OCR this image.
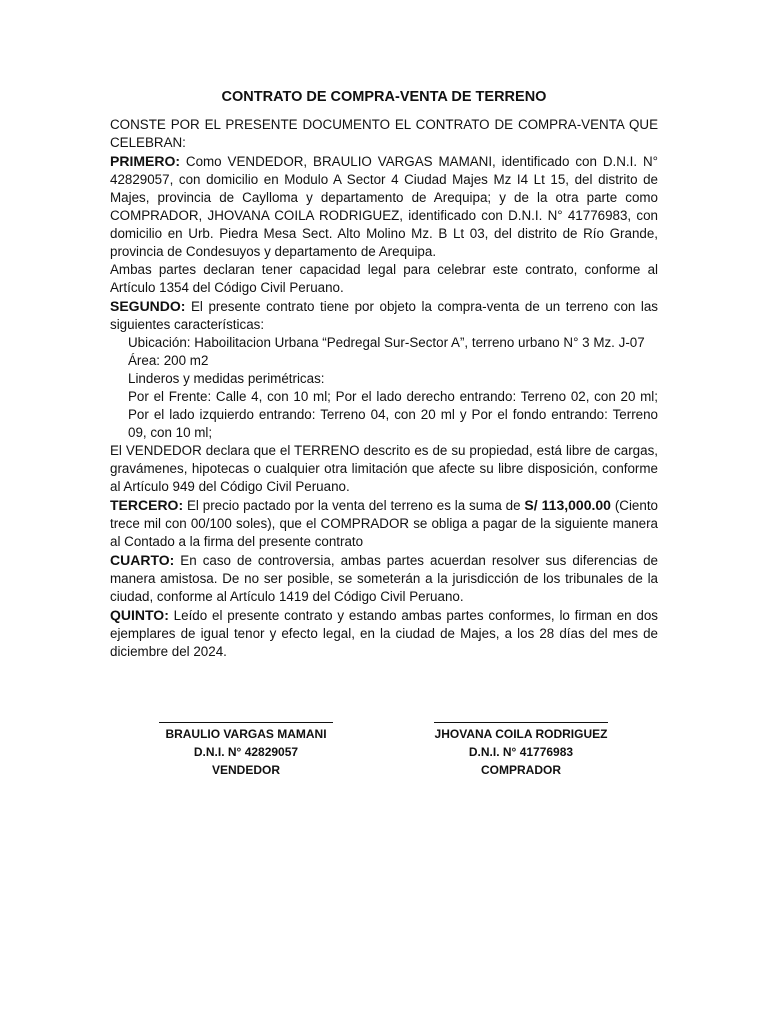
CONTRATO DE COMPRA-VENTA DE TERRENO

CONSTE POR EL PRESENTE DOCUMENTO EL CONTRATO DE COMPRA-VENTA QUE CELEBRAN:

PRIMERO: Como VENDEDOR, BRAULIO VARGAS MAMANI, identificado con D.N.I. N° 42829057, con domicilio en Modulo A Sector 4 Ciudad Majes Mz I4 Lt 15, del distrito de Majes, provincia de Caylloma y departamento de Arequipa; y de la otra parte como COMPRADOR, JHOVANA COILA RODRIGUEZ, identificado con D.N.I. N° 41776983, con domicilio en Urb. Piedra Mesa Sect. Alto Molino Mz. B Lt 03, del distrito de Río Grande, provincia de Condesuyos y departamento de Arequipa.

Ambas partes declaran tener capacidad legal para celebrar este contrato, conforme al Artículo 1354 del Código Civil Peruano.

SEGUNDO: El presente contrato tiene por objeto la compra-venta de un terreno con las siguientes características:

Ubicación: Haboilitacion Urbana “Pedregal Sur-Sector A”, terreno urbano N° 3 Mz. J-07

Área: 200 m2

Linderos y medidas perimétricas:

Por el Frente: Calle 4, con 10 ml; Por el lado derecho entrando: Terreno 02, con 20 ml; Por el lado izquierdo entrando: Terreno 04, con 20 ml y Por el fondo entrando: Terreno 09, con 10 ml;

El VENDEDOR declara que el TERRENO descrito es de su propiedad, está libre de cargas, gravámenes, hipotecas o cualquier otra limitación que afecte su libre disposición, conforme al Artículo 949 del Código Civil Peruano.

TERCERO: El precio pactado por la venta del terreno es la suma de S/ 113,000.00 (Ciento trece mil con 00/100 soles), que el COMPRADOR se obliga a pagar de la siguiente manera al Contado a la firma del presente contrato

CUARTO: En caso de controversia, ambas partes acuerdan resolver sus diferencias de manera amistosa. De no ser posible, se someterán a la jurisdicción de los tribunales de la ciudad, conforme al Artículo 1419 del Código Civil Peruano.

QUINTO: Leído el presente contrato y estando ambas partes conformes, lo firman en dos ejemplares de igual tenor y efecto legal, en la ciudad de Majes, a los 28 días del mes de diciembre del 2024.

BRAULIO VARGAS MAMANI
D.N.I. N° 42829057
VENDEDOR
JHOVANA COILA RODRIGUEZ
D.N.I. N° 41776983
COMPRADOR
